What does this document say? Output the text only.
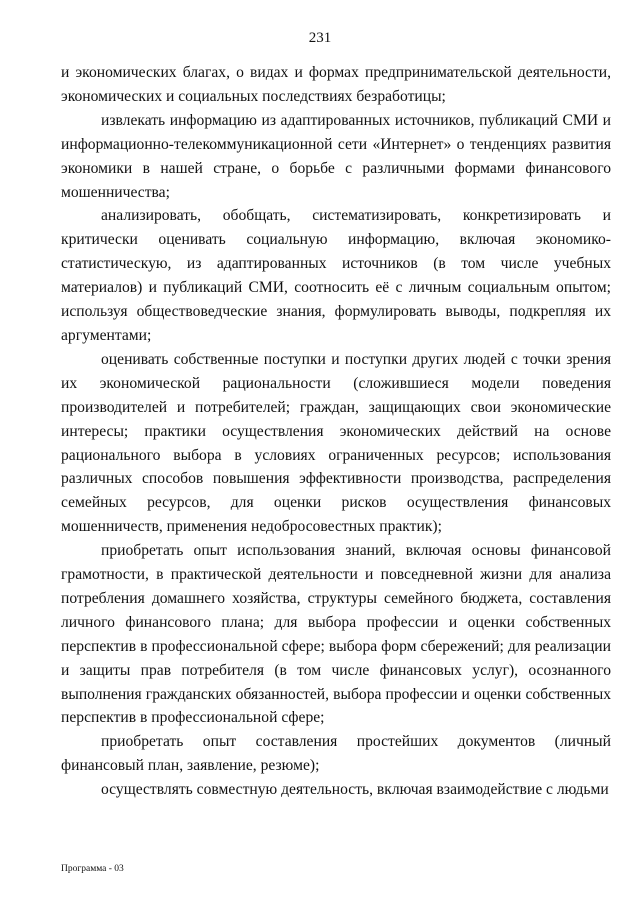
231

и экономических благах, о видах и формах предпринимательской деятельности, экономических и социальных последствиях безработицы;

извлекать информацию из адаптированных источников, публикаций СМИ и информационно-телекоммуникационной сети «Интернет» о тенденциях развития экономики в нашей стране, о борьбе с различными формами финансового мошенничества;

анализировать, обобщать, систематизировать, конкретизировать и критически оценивать социальную информацию, включая экономико-статистическую, из адаптированных источников (в том числе учебных материалов) и публикаций СМИ, соотносить её с личным социальным опытом; используя обществоведческие знания, формулировать выводы, подкрепляя их аргументами;

оценивать собственные поступки и поступки других людей с точки зрения их экономической рациональности (сложившиеся модели поведения производителей и потребителей; граждан, защищающих свои экономические интересы; практики осуществления экономических действий на основе рационального выбора в условиях ограниченных ресурсов; использования различных способов повышения эффективности производства, распределения семейных ресурсов, для оценки рисков осуществления финансовых мошенничеств, применения недобросовестных практик);

приобретать опыт использования знаний, включая основы финансовой грамотности, в практической деятельности и повседневной жизни для анализа потребления домашнего хозяйства, структуры семейного бюджета, составления личного финансового плана; для выбора профессии и оценки собственных перспектив в профессиональной сфере; выбора форм сбережений; для реализации и защиты прав потребителя (в том числе финансовых услуг), осознанного выполнения гражданских обязанностей, выбора профессии и оценки собственных перспектив в профессиональной сфере;

приобретать опыт составления простейших документов (личный финансовый план, заявление, резюме);

осуществлять совместную деятельность, включая взаимодействие с людьми

Программа - 03
